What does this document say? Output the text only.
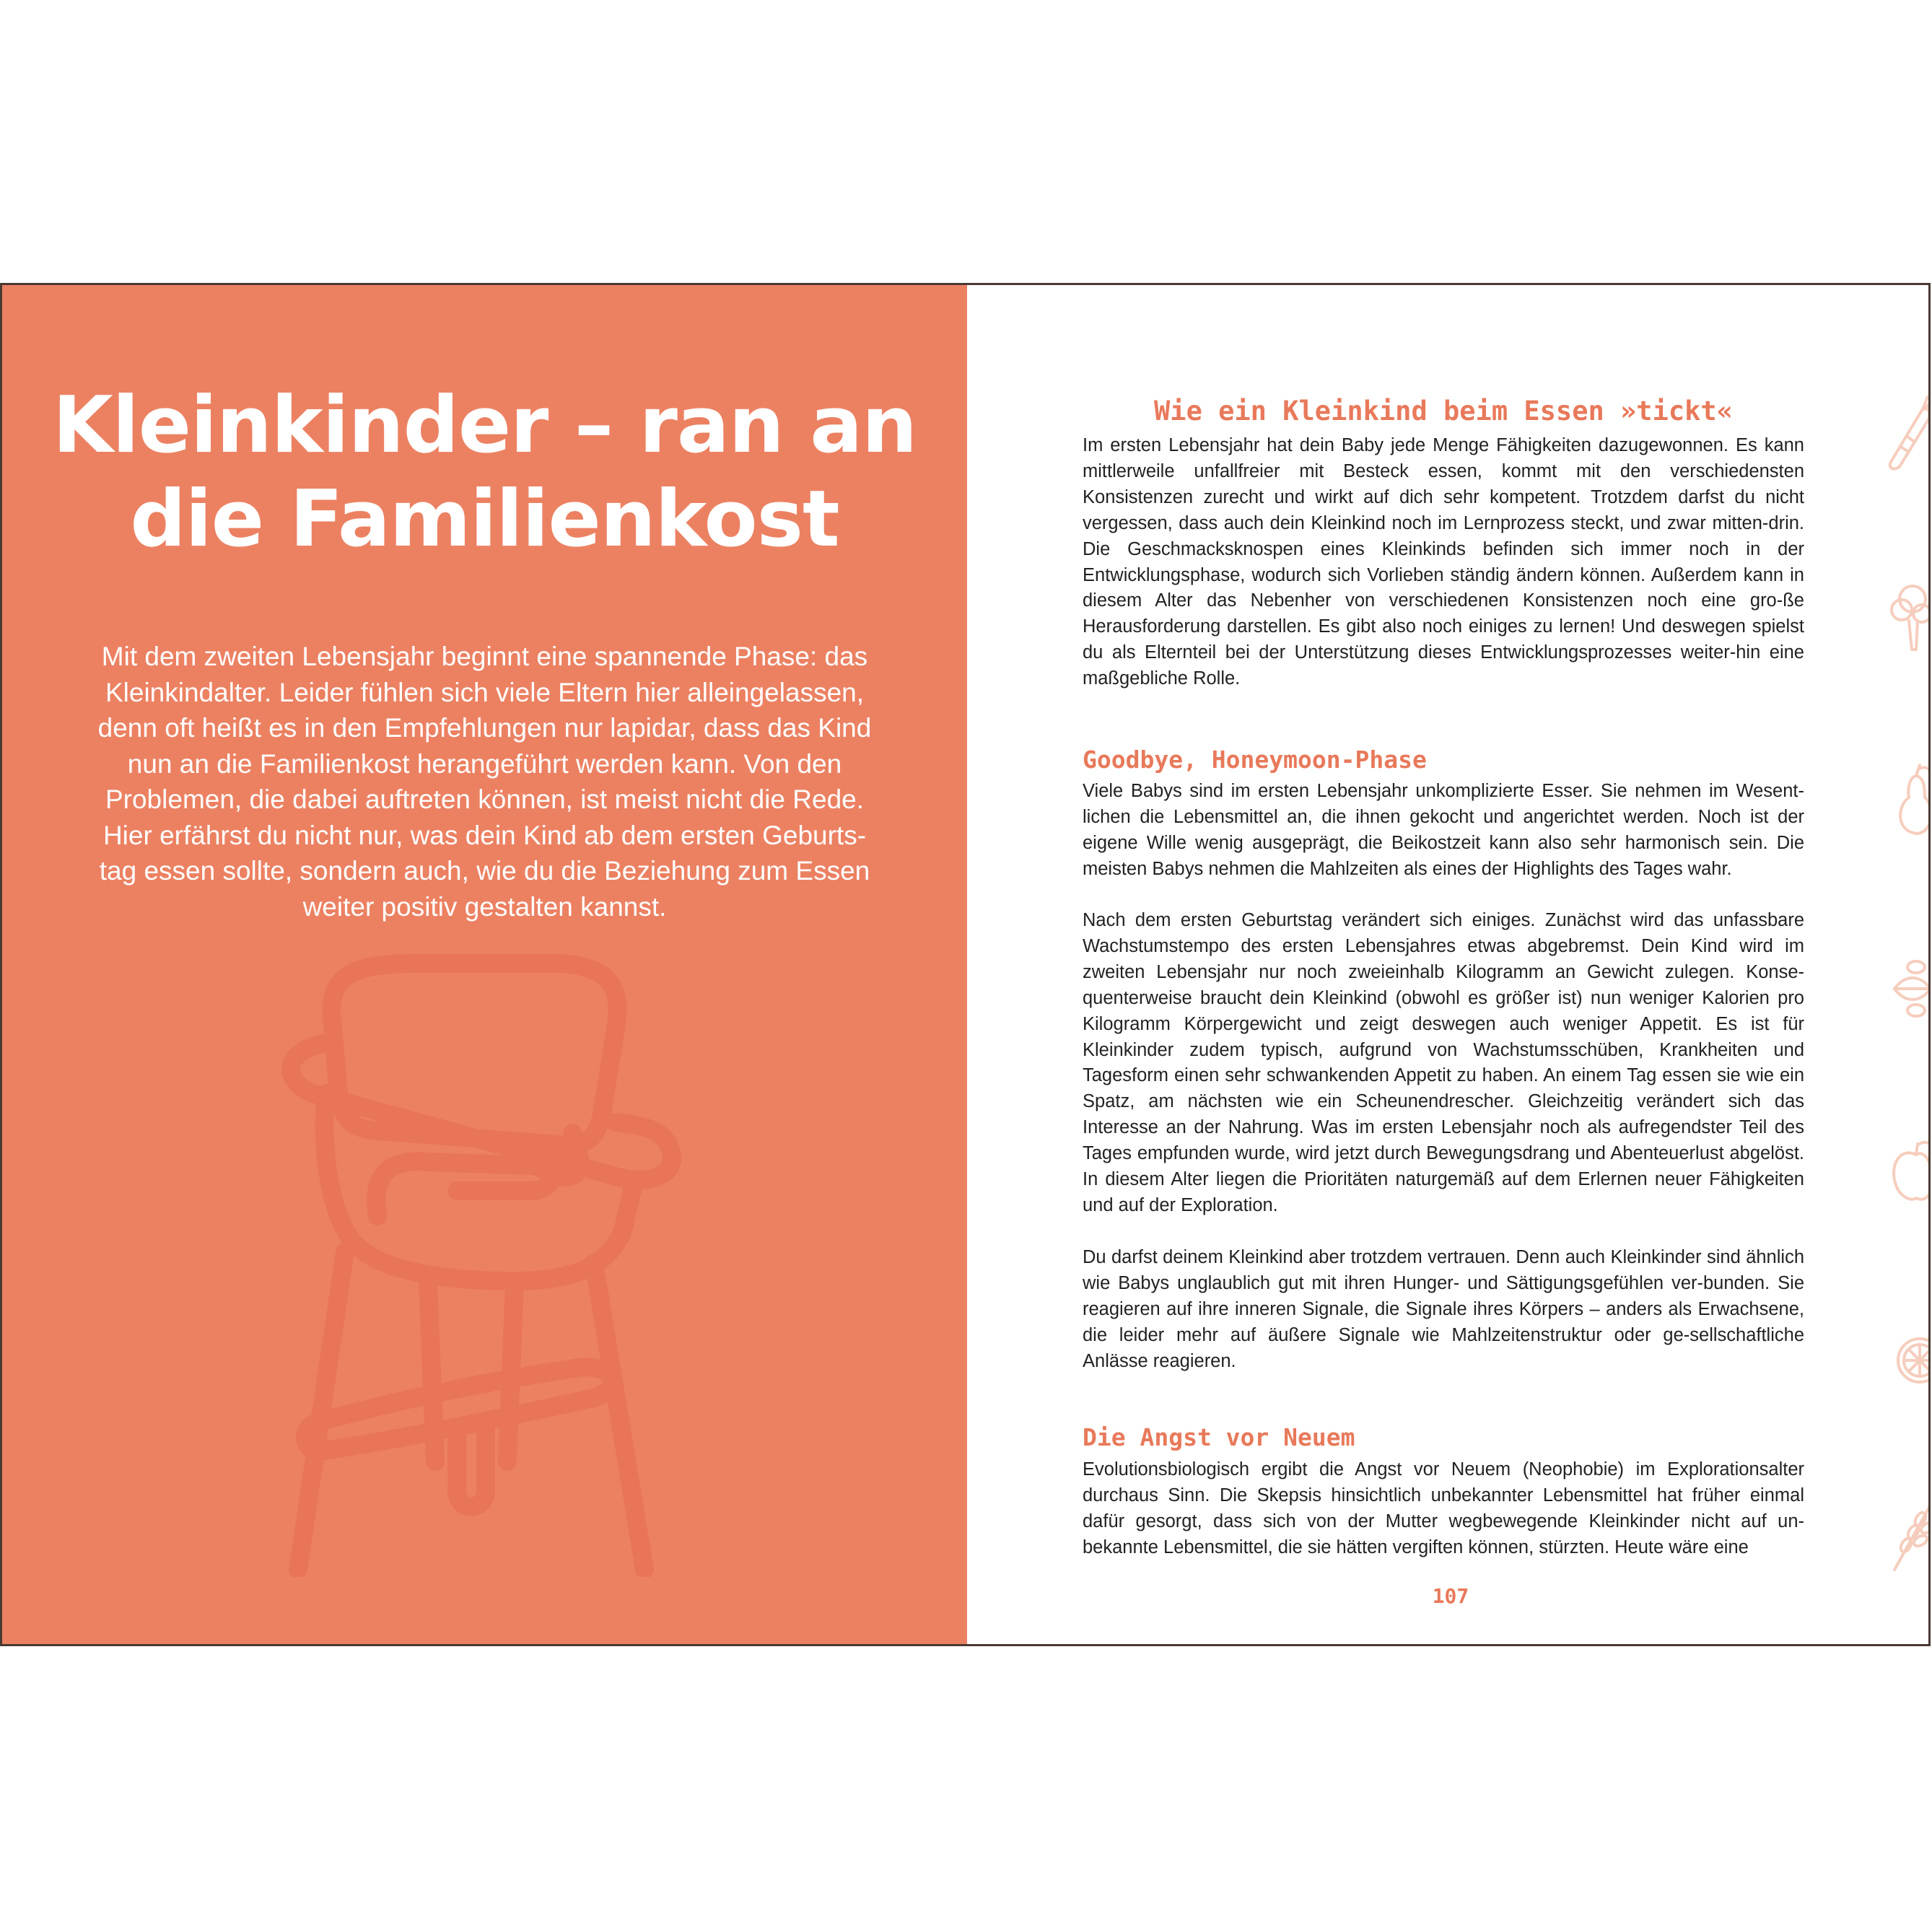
Kleinkinder – ran an
die Familienkost

Mit dem zweiten Lebensjahr beginnt eine spannende Phase: das Kleinkindalter. Leider fühlen sich viele Eltern hier alleingelassen, denn oft heißt es in den Empfehlungen nur lapidar, dass das Kind nun an die Familienkost herangeführt werden kann. Von den Problemen, die dabei auftreten können, ist meist nicht die Rede. Hier erfährst du nicht nur, was dein Kind ab dem ersten Geburts-tag essen sollte, sondern auch, wie du die Beziehung zum Essen weiter positiv gestalten kannst.

Wie ein Kleinkind beim Essen »tickt«

Im ersten Lebensjahr hat dein Baby jede Menge Fähigkeiten dazugewonnen. Es kann mittlerweile unfallfreier mit Besteck essen, kommt mit den verschiedensten Konsistenzen zurecht und wirkt auf dich sehr kompetent. Trotzdem darfst du nicht vergessen, dass auch dein Kleinkind noch im Lernprozess steckt, und zwar mitten-drin. Die Geschmacksknospen eines Kleinkinds befinden sich immer noch in der Entwicklungsphase, wodurch sich Vorlieben ständig ändern können. Außerdem kann in diesem Alter das Nebenher von verschiedenen Konsistenzen noch eine gro-ße Herausforderung darstellen. Es gibt also noch einiges zu lernen! Und deswegen spielst du als Elternteil bei der Unterstützung dieses Entwicklungsprozesses weiter-hin eine maßgebliche Rolle.

Goodbye, Honeymoon-Phase

Viele Babys sind im ersten Lebensjahr unkomplizierte Esser. Sie nehmen im Wesent-lichen die Lebensmittel an, die ihnen gekocht und angerichtet werden. Noch ist der eigene Wille wenig ausgeprägt, die Beikostzeit kann also sehr harmonisch sein. Die meisten Babys nehmen die Mahlzeiten als eines der Highlights des Tages wahr.

Nach dem ersten Geburtstag verändert sich einiges. Zunächst wird das unfassbare Wachstumstempo des ersten Lebensjahres etwas abgebremst. Dein Kind wird im zweiten Lebensjahr nur noch zweieinhalb Kilogramm an Gewicht zulegen. Konse-quenterweise braucht dein Kleinkind (obwohl es größer ist) nun weniger Kalorien pro Kilogramm Körpergewicht und zeigt deswegen auch weniger Appetit. Es ist für Kleinkinder zudem typisch, aufgrund von Wachstumsschüben, Krankheiten und Tagesform einen sehr schwankenden Appetit zu haben. An einem Tag essen sie wie ein Spatz, am nächsten wie ein Scheunendrescher. Gleichzeitig verändert sich das Interesse an der Nahrung. Was im ersten Lebensjahr noch als aufregendster Teil des Tages empfunden wurde, wird jetzt durch Bewegungsdrang und Abenteuerlust abgelöst. In diesem Alter liegen die Prioritäten naturgemäß auf dem Erlernen neuer Fähigkeiten und auf der Exploration.

Du darfst deinem Kleinkind aber trotzdem vertrauen. Denn auch Kleinkinder sind ähnlich wie Babys unglaublich gut mit ihren Hunger- und Sättigungsgefühlen ver-bunden. Sie reagieren auf ihre inneren Signale, die Signale ihres Körpers – anders als Erwachsene, die leider mehr auf äußere Signale wie Mahlzeitenstruktur oder ge-sellschaftliche Anlässe reagieren.

Die Angst vor Neuem

Evolutionsbiologisch ergibt die Angst vor Neuem (Neophobie) im Explorationsalter durchaus Sinn. Die Skepsis hinsichtlich unbekannter Lebensmittel hat früher einmal dafür gesorgt, dass sich von der Mutter wegbewegende Kleinkinder nicht auf un-bekannte Lebensmittel, die sie hätten vergiften können, stürzten. Heute wäre eine

107
